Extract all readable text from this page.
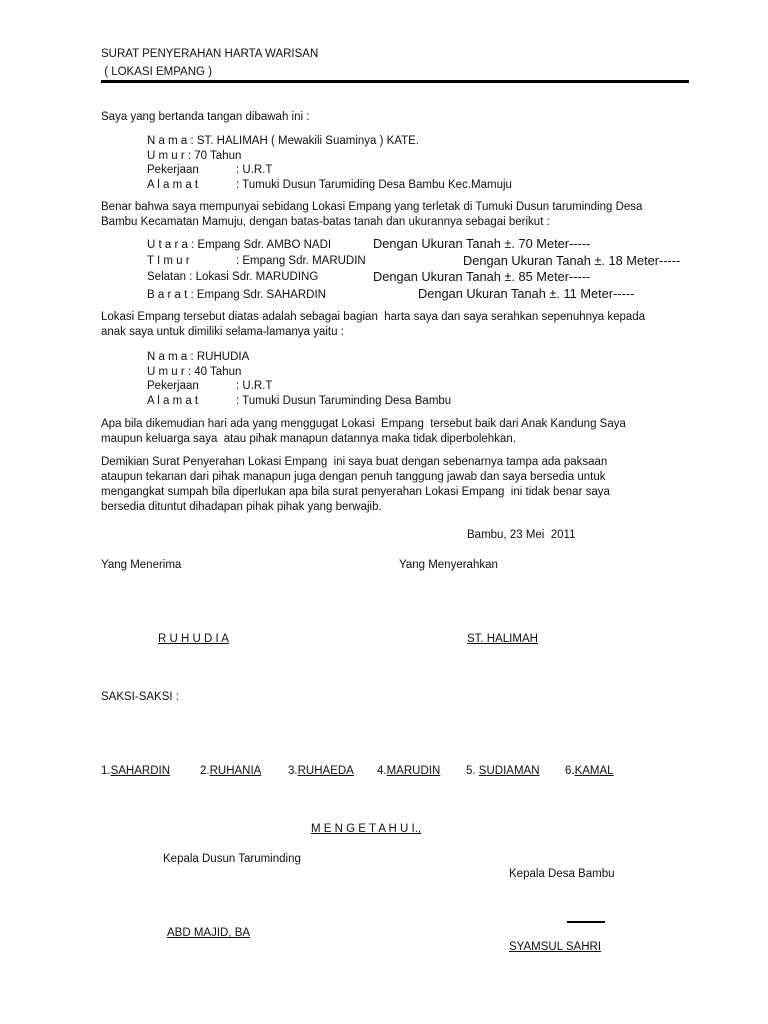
SURAT PENYERAHAN HARTA WARISAN
( LOKASI EMPANG )
Saya yang bertanda tangan dibawah ini :
N a m a : ST. HALIMAH ( Mewakili Suaminya ) KATE.
U m u r : 70 Tahun
Pekerjaan	: U.R.T
A l a m a t	: Tumuki Dusun Tarumiding Desa Bambu Kec.Mamuju
Benar bahwa saya mempunyai sebidang Lokasi Empang yang terletak di Tumuki Dusun taruminding Desa
Bambu Kecamatan Mamuju, dengan batas-batas tanah dan ukurannya sebagai berikut :
U t a r a : Empang Sdr. AMBO NADI	Dengan Ukuran Tanah ±. 70 Meter-----
T I m u r	: Empang Sdr. MARUDIN	Dengan Ukuran Tanah ±. 18 Meter-----
Selatan : Lokasi Sdr. MARUDING	Dengan Ukuran Tanah ±. 85 Meter-----
B a r a t : Empang Sdr. SAHARDIN	Dengan Ukuran Tanah ±. 11 Meter-----
Lokasi Empang tersebut diatas adalah sebagai bagian  harta saya dan saya serahkan sepenuhnya kepada
anak saya untuk dimiliki selama-lamanya yaitu :
N a m a : RUHUDIA
U m u r : 40 Tahun
Pekerjaan	: U.R.T
A l a m a t	: Tumuki Dusun Taruminding Desa Bambu
Apa bila dikemudian hari ada yang menggugat Lokasi  Empang  tersebut baik dari Anak Kandung Saya
maupun keluarga saya  atau pihak manapun datannya maka tidak diperbolehkan.
Demikian Surat Penyerahan Lokasi Empang  ini saya buat dengan sebenarnya tampa ada paksaan
ataupun tekanan dari pihak manapun juga dengan penuh tanggung jawab dan saya bersedia untuk
mengangkat sumpah bila diperlukan apa bila surat penyerahan Lokasi Empang  ini tidak benar saya
bersedia dituntut dihadapan pihak pihak yang berwajib.
Bambu, 23 Mei  2011
Yang Menerima	Yang Menyerahkan
R U H U D I A	ST. HALIMAH
SAKSI-SAKSI :
1.SAHARDIN	2.RUHANIA 3.RUHAEDA 4.MARUDIN 5. SUDIAMAN 6.KAMAL
M E N G E T A H U I.,
Kepala Dusun Taruminding
Kepala Desa Bambu
ABD MAJID, BA
SYAMSUL SAHRI
